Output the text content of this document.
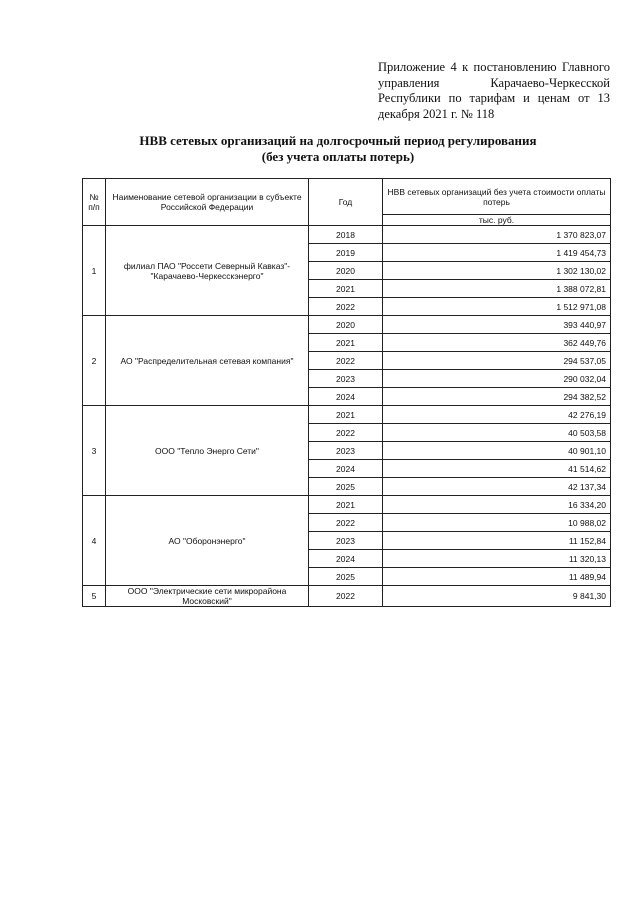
Приложение 4 к постановлению Главного управления Карачаево-Черкесской Республики по тарифам и ценам от 13 декабря 2021 г. № 118
НВВ сетевых организаций на долгосрочный период регулирования
(без учета оплаты потерь)
№ п/п	Наименование сетевой организации в субъекте Российской Федерации	Год	НВВ сетевых организаций без учета стоимости оплаты потерь
			тыс. руб.
1	филиал ПАО "Россети Северный Кавказ"-"Карачаево-Черкесскэнерго"	2018	1 370 823,07
		2019	1 419 454,73
		2020	1 302 130,02
		2021	1 388 072,81
		2022	1 512 971,08
2	АО "Распределительная сетевая компания"	2020	393 440,97
		2021	362 449,76
		2022	294 537,05
		2023	290 032,04
		2024	294 382,52
3	ООО "Тепло Энерго Сети"	2021	42 276,19
		2022	40 503,58
		2023	40 901,10
		2024	41 514,62
		2025	42 137,34
4	АО "Оборонэнерго"	2021	16 334,20
		2022	10 988,02
		2023	11 152,84
		2024	11 320,13
		2025	11 489,94
5	ООО "Электрические сети микрорайона Московский"	2022	9 841,30
